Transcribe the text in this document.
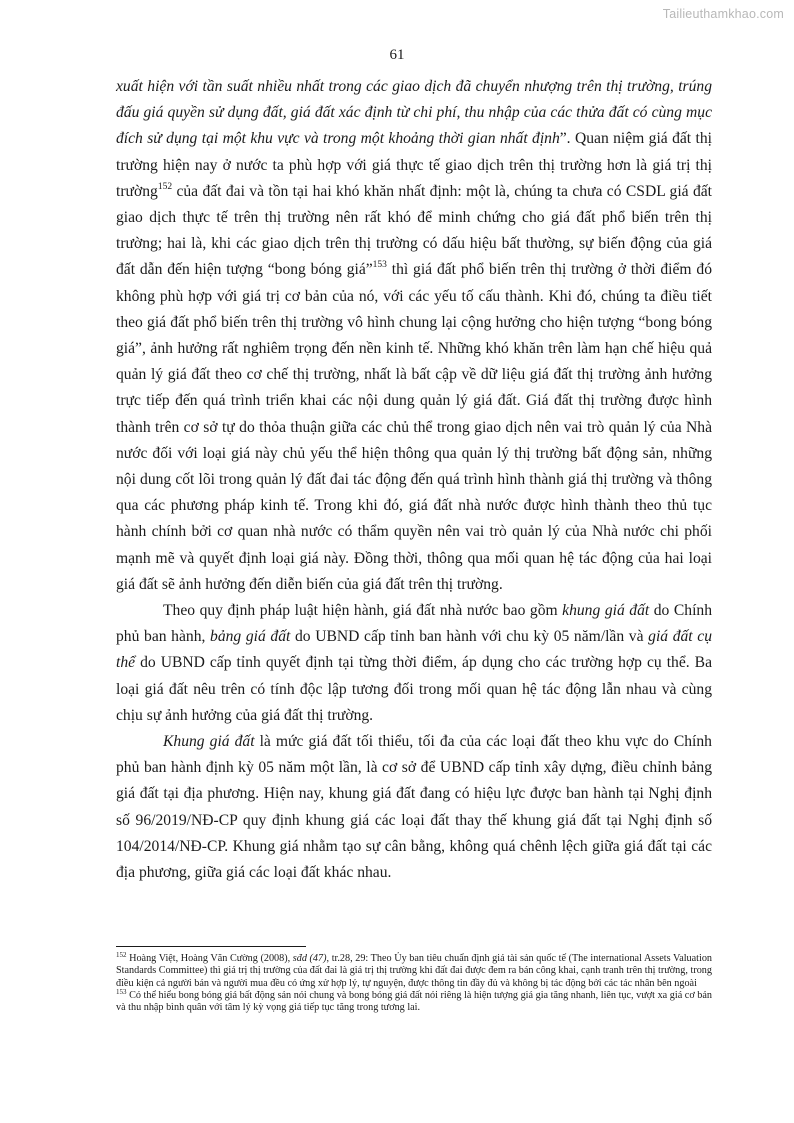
Tailieuthamkhao.com
61

xuất hiện với tần suất nhiều nhất trong các giao dịch đã chuyển nhượng trên thị trường, trúng đấu giá quyền sử dụng đất, giá đất xác định từ chi phí, thu nhập của các thửa đất có cùng mục đích sử dụng tại một khu vực và trong một khoảng thời gian nhất định”. Quan niệm giá đất thị trường hiện nay ở nước ta phù hợp với giá thực tế giao dịch trên thị trường hơn là giá trị thị trường$^{152}$ của đất đai và tồn tại hai khó khăn nhất định: một là, chúng ta chưa có CSDL giá đất giao dịch thực tế trên thị trường nên rất khó để minh chứng cho giá đất phổ biến trên thị trường; hai là, khi các giao dịch trên thị trường có dấu hiệu bất thường, sự biến động của giá đất dẫn đến hiện tượng “bong bóng giá”$^{153}$ thì giá đất phổ biến trên thị trường ở thời điểm đó không phù hợp với giá trị cơ bản của nó, với các yếu tố cấu thành. Khi đó, chúng ta điều tiết theo giá đất phổ biến trên thị trường vô hình chung lại cộng hưởng cho hiện tượng “bong bóng giá”, ảnh hưởng rất nghiêm trọng đến nền kinh tế. Những khó khăn trên làm hạn chế hiệu quả quản lý giá đất theo cơ chế thị trường, nhất là bất cập về dữ liệu giá đất thị trường ảnh hưởng trực tiếp đến quá trình triển khai các nội dung quản lý giá đất. Giá đất thị trường được hình thành trên cơ sở tự do thỏa thuận giữa các chủ thể trong giao dịch nên vai trò quản lý của Nhà nước đối với loại giá này chủ yếu thể hiện thông qua quản lý thị trường bất động sản, những nội dung cốt lõi trong quản lý đất đai tác động đến quá trình hình thành giá thị trường và thông qua các phương pháp kinh tế. Trong khi đó, giá đất nhà nước được hình thành theo thủ tục hành chính bởi cơ quan nhà nước có thẩm quyền nên vai trò quản lý của Nhà nước chi phối mạnh mẽ và quyết định loại giá này. Đồng thời, thông qua mối quan hệ tác động của hai loại giá đất sẽ ảnh hưởng đến diễn biến của giá đất trên thị trường.

Theo quy định pháp luật hiện hành, giá đất nhà nước bao gồm khung giá đất do Chính phủ ban hành, bảng giá đất do UBND cấp tỉnh ban hành với chu kỳ 05 năm/lần và giá đất cụ thể do UBND cấp tỉnh quyết định tại từng thời điểm, áp dụng cho các trường hợp cụ thể. Ba loại giá đất nêu trên có tính độc lập tương đối trong mối quan hệ tác động lẫn nhau và cùng chịu sự ảnh hưởng của giá đất thị trường.

Khung giá đất là mức giá đất tối thiểu, tối đa của các loại đất theo khu vực do Chính phủ ban hành định kỳ 05 năm một lần, là cơ sở để UBND cấp tỉnh xây dựng, điều chỉnh bảng giá đất tại địa phương. Hiện nay, khung giá đất đang có hiệu lực được ban hành tại Nghị định số 96/2019/NĐ-CP quy định khung giá các loại đất thay thế khung giá đất tại Nghị định số 104/2014/NĐ-CP. Khung giá nhằm tạo sự cân bằng, không quá chênh lệch giữa giá đất tại các địa phương, giữa giá các loại đất khác nhau.

$^{152}$ Hoàng Việt, Hoàng Văn Cường (2008), sđd (47), tr.28, 29: Theo Ủy ban tiêu chuẩn định giá tài sản quốc tế (The international Assets Valuation Standards Committee) thì giá trị thị trường của đất đai là giá trị thị trường khi đất đai được đem ra bán công khai, cạnh tranh trên thị trường, trong điều kiện cả người bán và người mua đều có ứng xử hợp lý, tự nguyện, được thông tin đầy đủ và không bị tác động bởi các tác nhân bên ngoài

$^{153}$ Có thể hiểu bong bóng giá bất động sản nói chung và bong bóng giá đất nói riêng là hiện tượng giá gia tăng nhanh, liên tục, vượt xa giá cơ bản và thu nhập bình quân với tâm lý kỳ vọng giá tiếp tục tăng trong tương lai.
